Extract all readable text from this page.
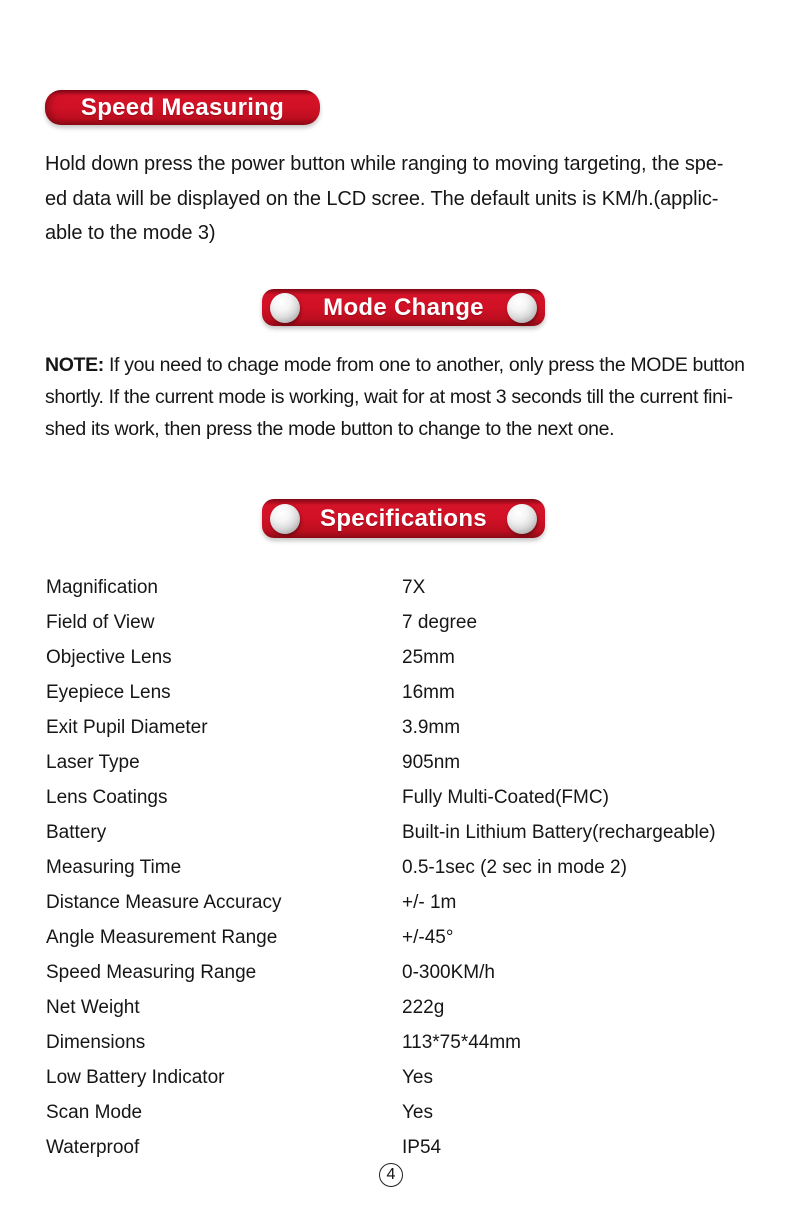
Speed Measuring
Hold down press the power button while ranging to moving targeting, the spe-
ed data will be displayed on the LCD scree. The default units is KM/h.(applic-
able to the mode 3)
Mode Change
NOTE: If you need to chage mode from one to another, only press the MODE button
shortly. If the current mode is working, wait for at most 3 seconds till the current fini-
shed its work, then press the mode button to change to the next one.
Specifications
Magnification	7X
Field of View	7 degree
Objective Lens	25mm
Eyepiece Lens	16mm
Exit Pupil Diameter	3.9mm
Laser Type	905nm
Lens Coatings	Fully Multi-Coated(FMC)
Battery	Built-in Lithium Battery(rechargeable)
Measuring Time	0.5-1sec (2 sec in mode 2)
Distance Measure Accuracy	+/- 1m
Angle Measurement Range	+/-45°
Speed Measuring Range	0-300KM/h
Net Weight	222g
Dimensions	113*75*44mm
Low Battery Indicator	Yes
Scan Mode	Yes
Waterproof	IP54
4
